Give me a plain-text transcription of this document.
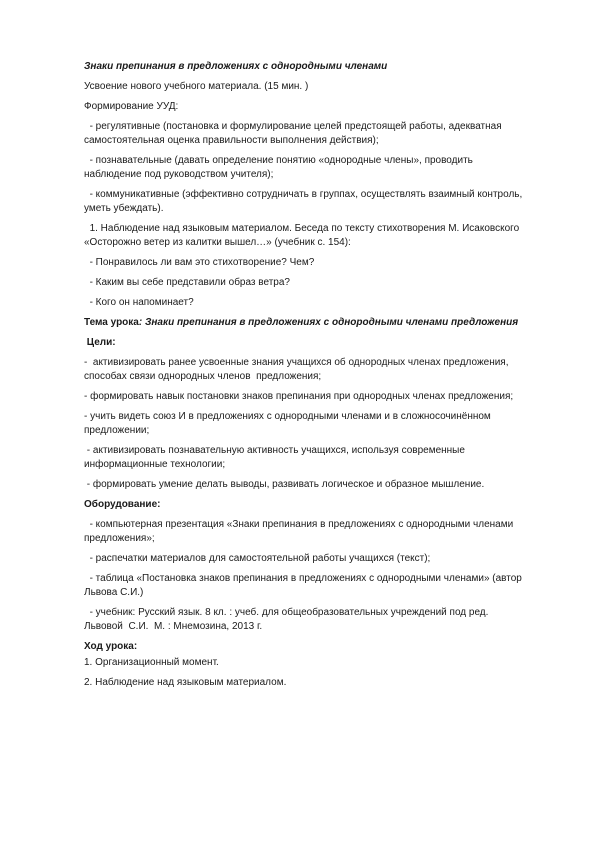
Знаки препинания в предложениях с однородными членами

Усвоение нового учебного материала. (15 мин. )

Формирование УУД:

- регулятивные (постановка и формулирование целей предстоящей работы, адекватная самостоятельная оценка правильности выполнения действия);

- познавательные (давать определение понятию «однородные члены», проводить наблюдение под руководством учителя);

- коммуникативные (эффективно сотрудничать в группах, осуществлять взаимный контроль, уметь убеждать).

1. Наблюдение над языковым материалом. Беседа по тексту стихотворения М. Исаковского «Осторожно ветер из калитки вышел…» (учебник с. 154):

- Понравилось ли вам это стихотворение? Чем?

- Каким вы себе представили образ ветра?

- Кого он напоминает?

Тема урока: Знаки препинания в предложениях с однородными членами предложения

Цели:

-  активизировать ранее усвоенные знания учащихся об однородных членах предложения, способах связи однородных членов  предложения;

- формировать навык постановки знаков препинания при однородных членах предложения;

- учить видеть союз И в предложениях с однородными членами и в сложносочинённом предложении;

- активизировать познавательную активность учащихся, используя современные информационные технологии;

- формировать умение делать выводы, развивать логическое и образное мышление.

Оборудование:

- компьютерная презентация «Знаки препинания в предложениях с однородными членами предложения»;

- распечатки материалов для самостоятельной работы учащихся (текст);

- таблица «Постановка знаков препинания в предложениях с однородными членами» (автор Львова С.И.)

- учебник: Русский язык. 8 кл. : учеб. для общеобразовательных учреждений под ред. Львовой  С.И.  М. : Мнемозина, 2013 г.

Ход урока:

1. Организационный момент.

2. Наблюдение над языковым материалом.
